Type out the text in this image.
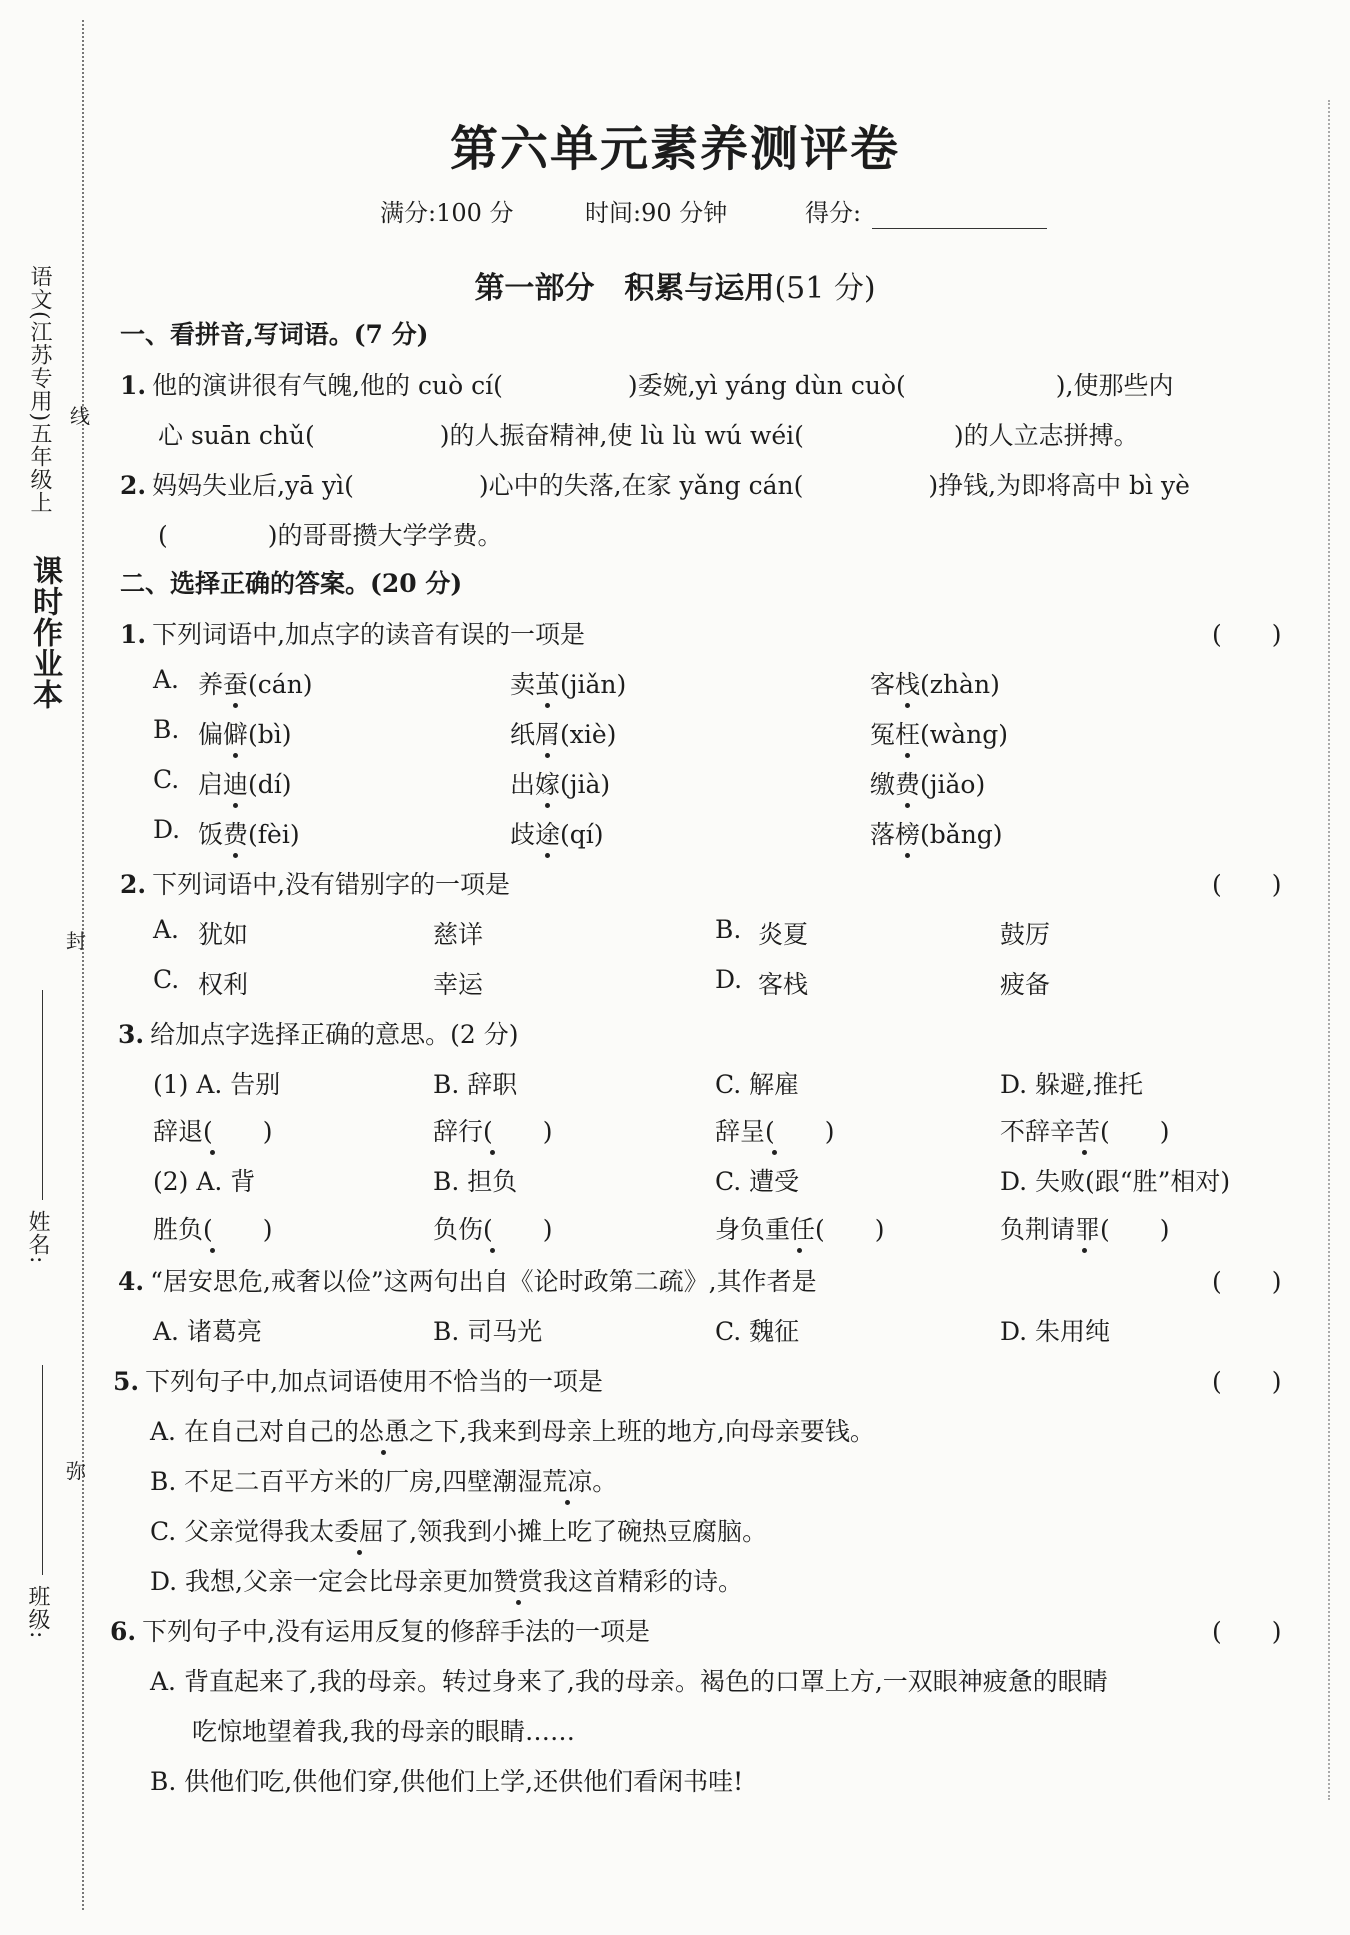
课时作业本
语文(江苏专用)五年级上 线
封
弥
姓名:
班级:
第六单元素养测评卷
满分:100 分	时间:90 分钟	得分:
第一部分　积累与运用(51 分)
一、看拼音,写词语。(7 分)
1. 他的演讲很有气魄,他的 cuò cí(　　　　　)委婉,yì yáng dùn cuò(　　　　　　),使那些内
心 suān chǔ(　　　　　)的人振奋精神,使 lù lù wú wéi(　　　　　　)的人立志拼搏。
2. 妈妈失业后,yā yì(　　　　　)心中的失落,在家 yǎng cán(　　　　　)挣钱,为即将高中 bì yè
(　　　　)的哥哥攒大学学费。
二、选择正确的答案。(20 分)
1. 下列词语中,加点字的读音有误的一项是	(　　)
A. 养蚕(cán)	卖茧(jiǎn)	客栈(zhàn)
B. 偏僻(bì)	纸屑(xiè)	冤枉(wàng)
C. 启迪(dí)	出嫁(jià)	缴费(jiǎo)
D. 饭费(fèi)	歧途(qí)	落榜(bǎng)
2. 下列词语中,没有错别字的一项是	(　　)
A. 犹如	慈详	B. 炎夏	鼓厉
C. 权利	幸运	D. 客栈	疲备
3. 给加点字选择正确的意思。(2 分)
(1) A. 告别	B. 辞职	C. 解雇	D. 躲避,推托
辞退(　　)	辞行(　　)	辞呈(　　)	不辞辛苦(　　)
(2) A. 背	B. 担负	C. 遭受	D. 失败(跟“胜”相对)
胜负(　　)	负伤(　　)	身负重任(　　)	负荆请罪(　　)
4. “居安思危,戒奢以俭”这两句出自《论时政第二疏》,其作者是	(　　)
A. 诸葛亮	B. 司马光	C. 魏征	D. 朱用纯
5. 下列句子中,加点词语使用不恰当的一项是	(　　)
A. 在自己对自己的怂恿之下,我来到母亲上班的地方,向母亲要钱。
B. 不足二百平方米的厂房,四壁潮湿荒凉。
C. 父亲觉得我太委屈了,领我到小摊上吃了碗热豆腐脑。
D. 我想,父亲一定会比母亲更加赞赏我这首精彩的诗。
6. 下列句子中,没有运用反复的修辞手法的一项是	(　　)
A. 背直起来了,我的母亲。转过身来了,我的母亲。褐色的口罩上方,一双眼神疲惫的眼睛
吃惊地望着我,我的母亲的眼睛……
B. 供他们吃,供他们穿,供他们上学,还供他们看闲书哇!
